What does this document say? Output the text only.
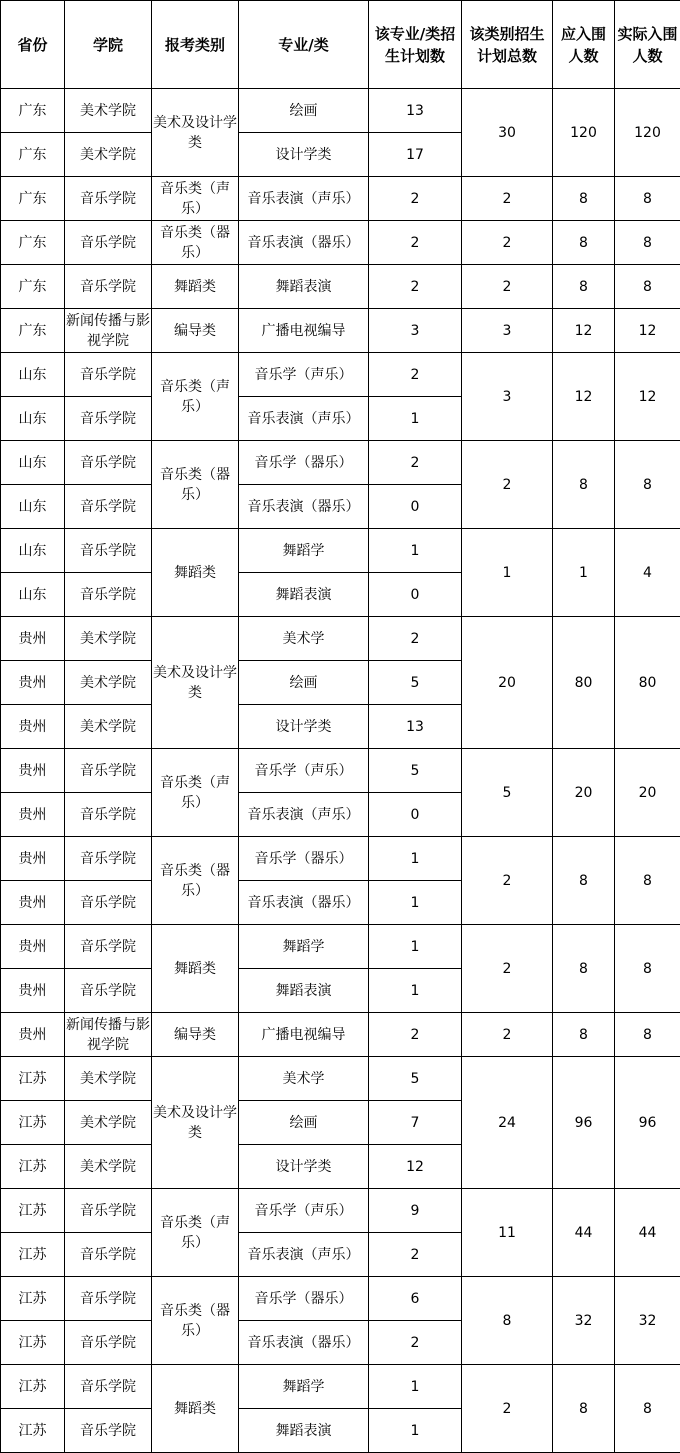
省份	学院	报考类别	专业/类	该专业/类招生计划数	该类别招生计划总数	应入围人数	实际入围人数
广东	美术学院	美术及设计学类	绘画	13	30	120	120
广东	美术学院		设计学类	17			
广东	音乐学院	音乐类（声乐）	音乐表演（声乐）	2	2	8	8
广东	音乐学院	音乐类（器乐）	音乐表演（器乐）	2	2	8	8
广东	音乐学院	舞蹈类	舞蹈表演	2	2	8	8
广东	新闻传播与影视学院	编导类	广播电视编导	3	3	12	12
山东	音乐学院	音乐类（声乐）	音乐学（声乐）	2	3	12	12
山东	音乐学院		音乐表演（声乐）	1			
山东	音乐学院	音乐类（器乐）	音乐学（器乐）	2	2	8	8
山东	音乐学院		音乐表演（器乐）	0			
山东	音乐学院	舞蹈类	舞蹈学	1	1	1	4
山东	音乐学院		舞蹈表演	0			
贵州	美术学院	美术及设计学类	美术学	2	20	80	80
贵州	美术学院		绘画	5			
贵州	美术学院		设计学类	13			
贵州	音乐学院	音乐类（声乐）	音乐学（声乐）	5	5	20	20
贵州	音乐学院		音乐表演（声乐）	0			
贵州	音乐学院	音乐类（器乐）	音乐学（器乐）	1	2	8	8
贵州	音乐学院		音乐表演（器乐）	1			
贵州	音乐学院	舞蹈类	舞蹈学	1	2	8	8
贵州	音乐学院		舞蹈表演	1			
贵州	新闻传播与影视学院	编导类	广播电视编导	2	2	8	8
江苏	美术学院	美术及设计学类	美术学	5	24	96	96
江苏	美术学院		绘画	7			
江苏	美术学院		设计学类	12			
江苏	音乐学院	音乐类（声乐）	音乐学（声乐）	9	11	44	44
江苏	音乐学院		音乐表演（声乐）	2			
江苏	音乐学院	音乐类（器乐）	音乐学（器乐）	6	8	32	32
江苏	音乐学院		音乐表演（器乐）	2			
江苏	音乐学院	舞蹈类	舞蹈学	1	2	8	8
江苏	音乐学院		舞蹈表演	1			
